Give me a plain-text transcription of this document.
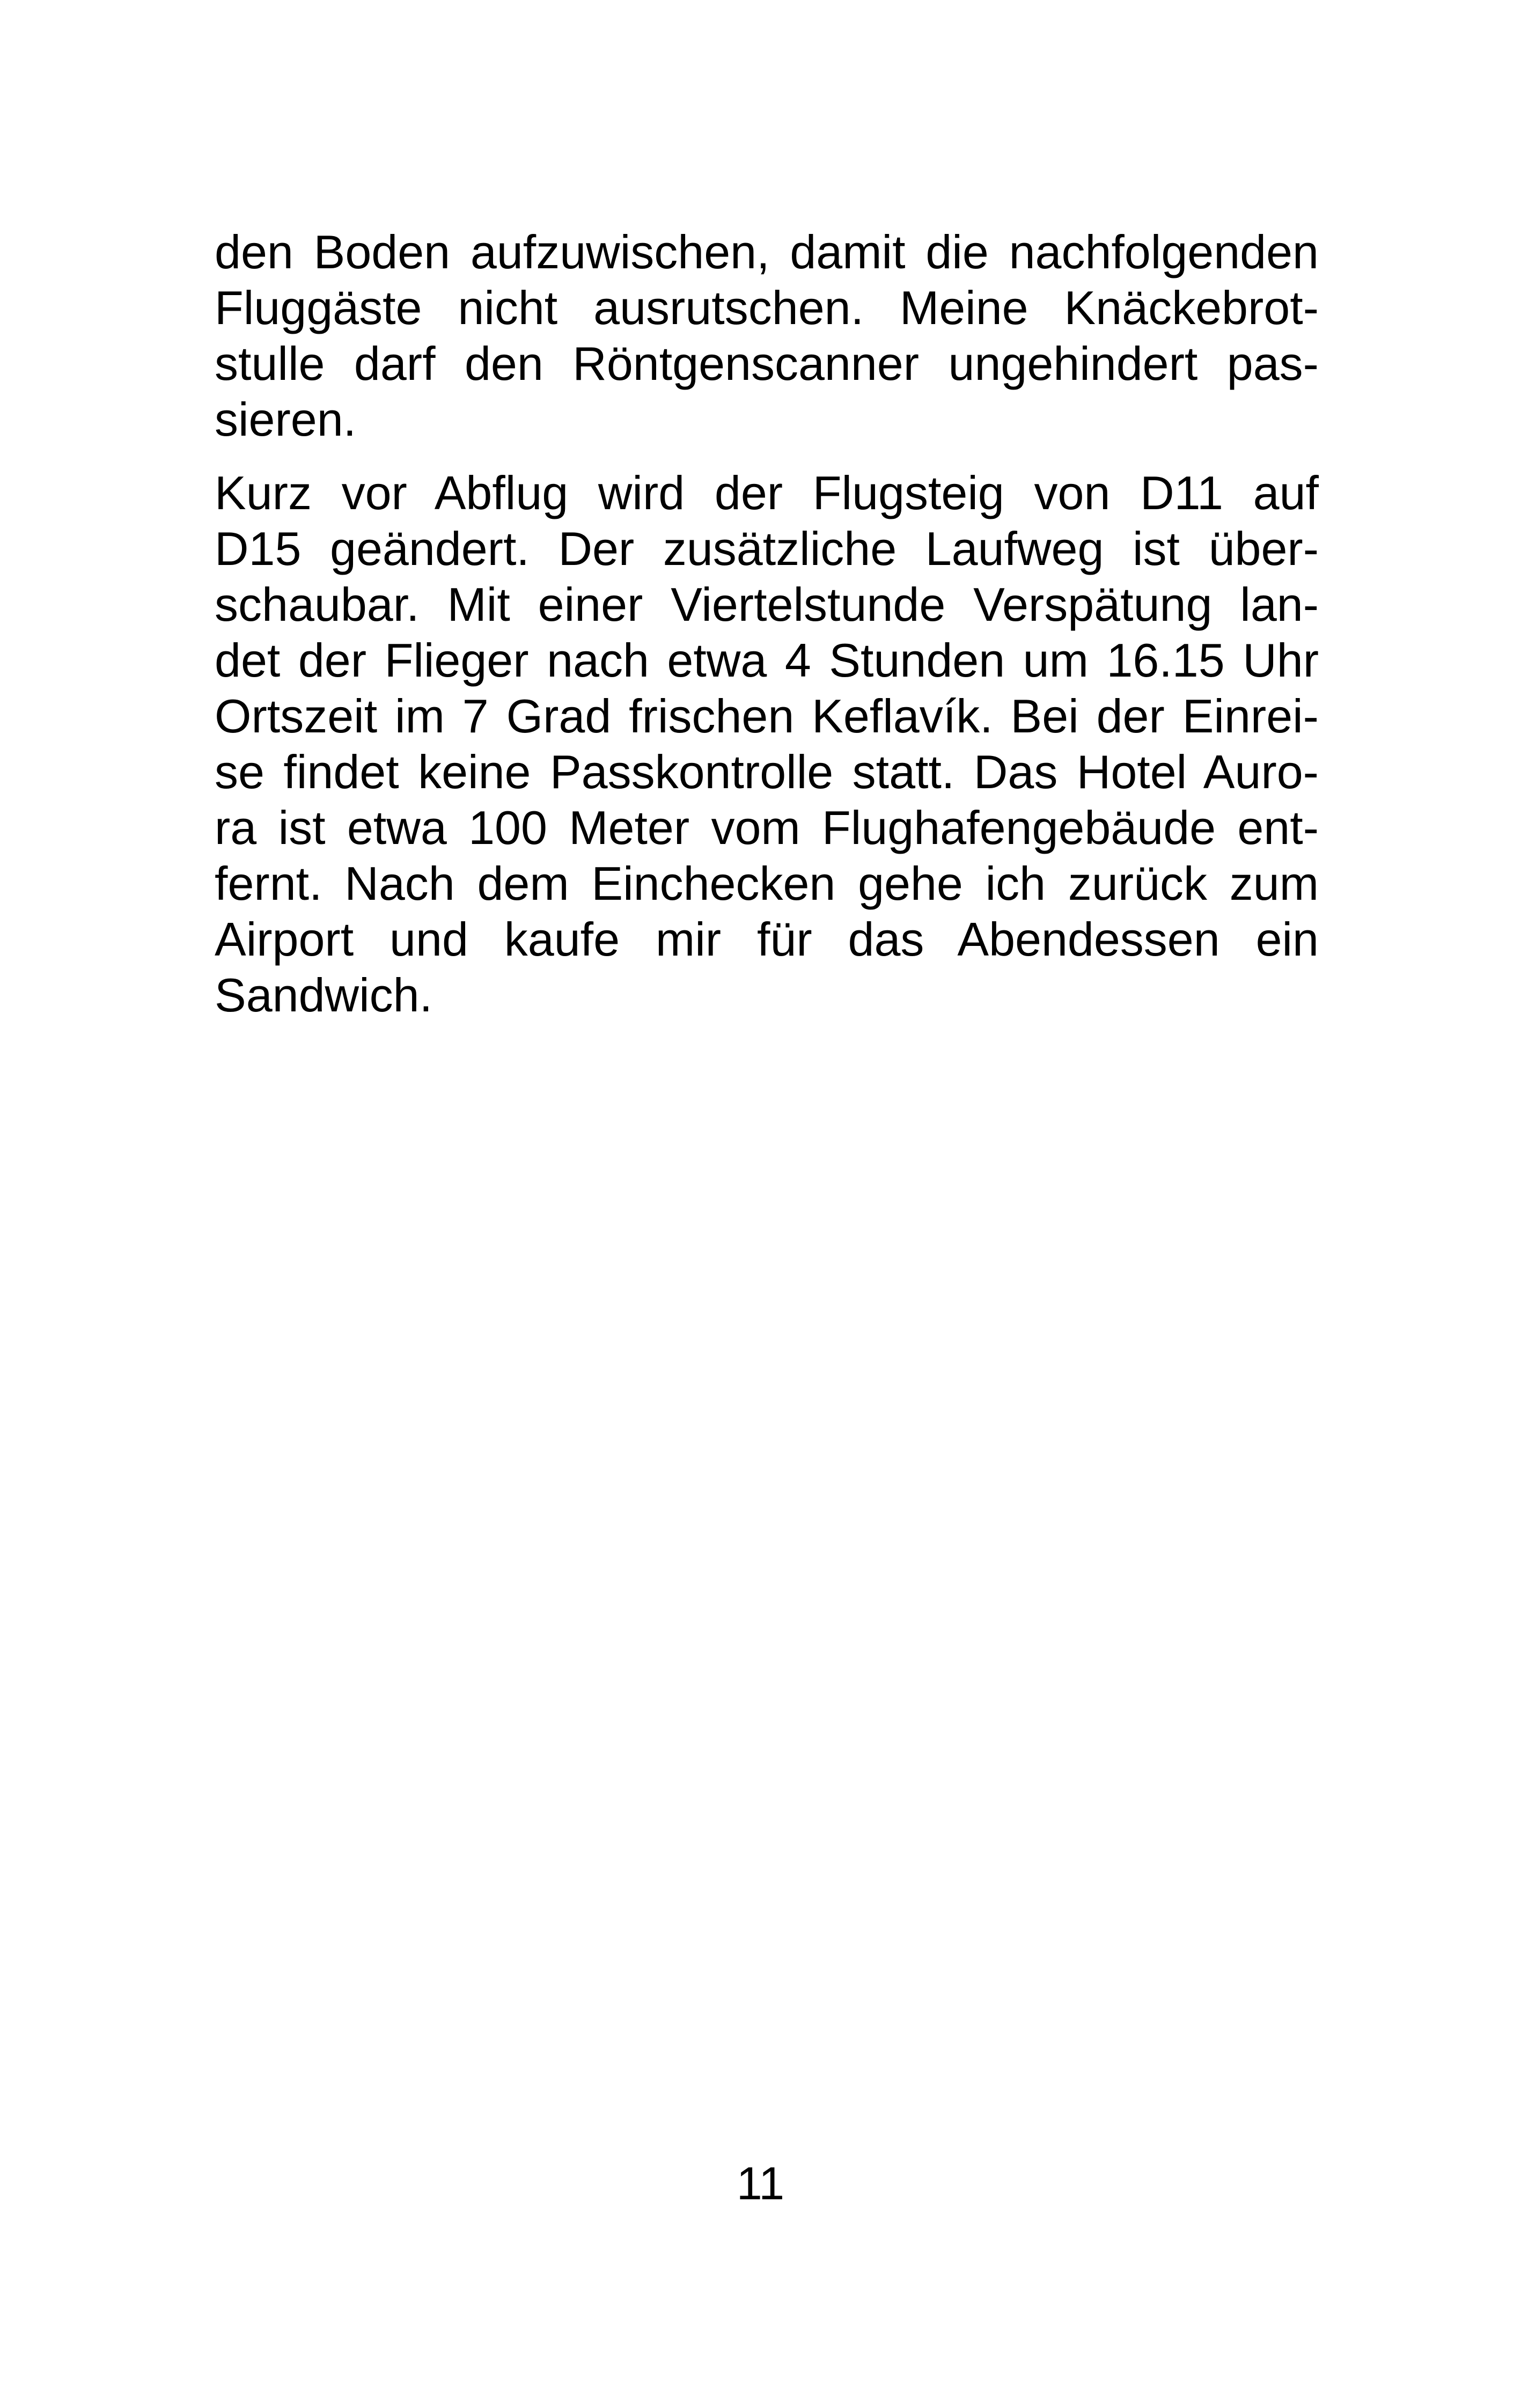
den Boden aufzuwischen, damit die nachfolgenden
Fluggäste nicht ausrutschen. Meine Knäckebrot-
stulle darf den Röntgenscanner ungehindert pas-
sieren.

Kurz vor Abflug wird der Flugsteig von D11 auf
D15 geändert. Der zusätzliche Laufweg ist über-
schaubar. Mit einer Viertelstunde Verspätung lan-
det der Flieger nach etwa 4 Stunden um 16.15 Uhr
Ortszeit im 7 Grad frischen Keflavík. Bei der Einrei-
se findet keine Passkontrolle statt. Das Hotel Auro-
ra ist etwa 100 Meter vom Flughafengebäude ent-
fernt. Nach dem Einchecken gehe ich zurück zum
Airport und kaufe mir für das Abendessen ein
Sandwich.

11
